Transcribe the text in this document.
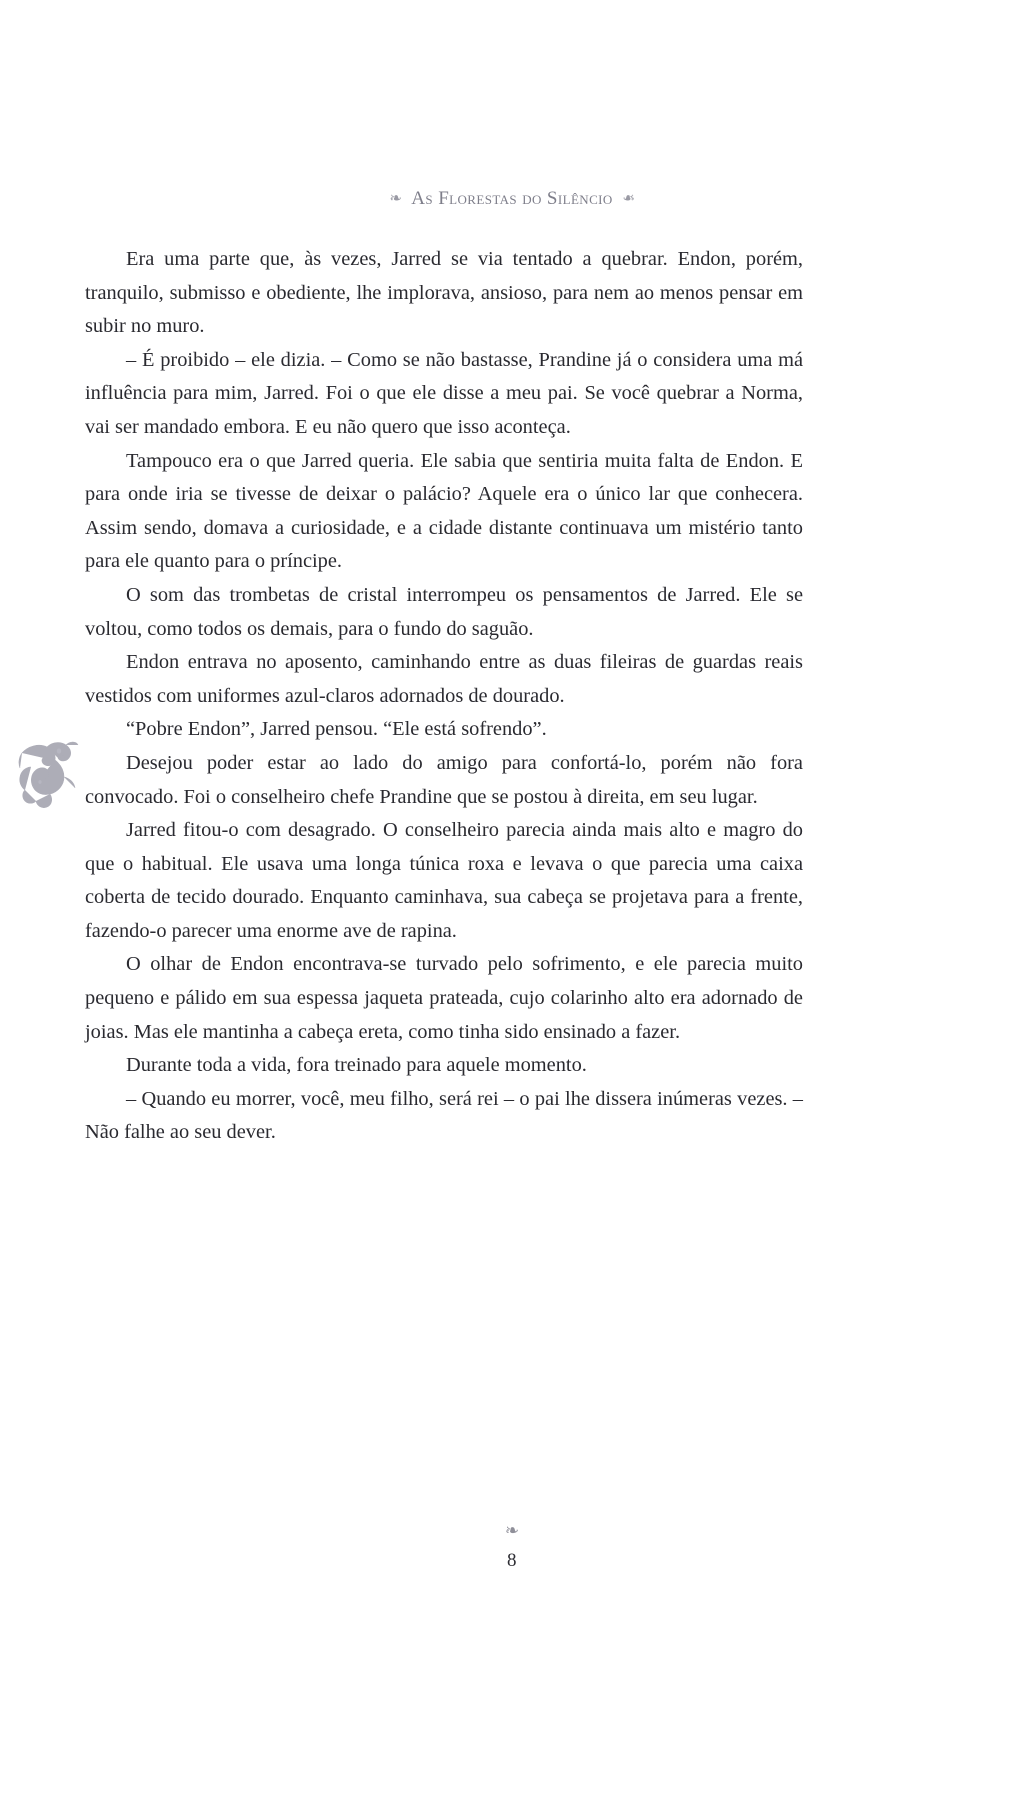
❧ As Florestas do Silêncio ❧

Era uma parte que, às vezes, Jarred se via tentado a quebrar. Endon, porém, tranquilo, submisso e obediente, lhe implorava, ansioso, para nem ao menos pensar em subir no muro.

– É proibido – ele dizia. – Como se não bastasse, Prandine já o considera uma má influência para mim, Jarred. Foi o que ele disse a meu pai. Se você quebrar a Norma, vai ser mandado embora. E eu não quero que isso aconteça.

Tampouco era o que Jarred queria. Ele sabia que sentiria muita falta de Endon. E para onde iria se tivesse de deixar o palácio? Aquele era o único lar que conhecera. Assim sendo, domava a curiosidade, e a cidade distante continuava um mistério tanto para ele quanto para o príncipe.

O som das trombetas de cristal interrompeu os pensamentos de Jarred. Ele se voltou, como todos os demais, para o fundo do saguão.

Endon entrava no aposento, caminhando entre as duas fileiras de guardas reais vestidos com uniformes azul-claros adornados de dourado.

“Pobre Endon”, Jarred pensou. “Ele está sofrendo”.

Desejou poder estar ao lado do amigo para confortá-lo, porém não fora convocado. Foi o conselheiro chefe Prandine que se postou à direita, em seu lugar.

Jarred fitou-o com desagrado. O conselheiro parecia ainda mais alto e magro do que o habitual. Ele usava uma longa túnica roxa e levava o que parecia uma caixa coberta de tecido dourado. Enquanto caminhava, sua cabeça se projetava para a frente, fazendo-o parecer uma enorme ave de rapina.

O olhar de Endon encontrava-se turvado pelo sofrimento, e ele parecia muito pequeno e pálido em sua espessa jaqueta prateada, cujo colarinho alto era adornado de joias. Mas ele mantinha a cabeça ereta, como tinha sido ensinado a fazer.

Durante toda a vida, fora treinado para aquele momento.

– Quando eu morrer, você, meu filho, será rei – o pai lhe dissera inúmeras vezes. – Não falhe ao seu dever.

❧
8
